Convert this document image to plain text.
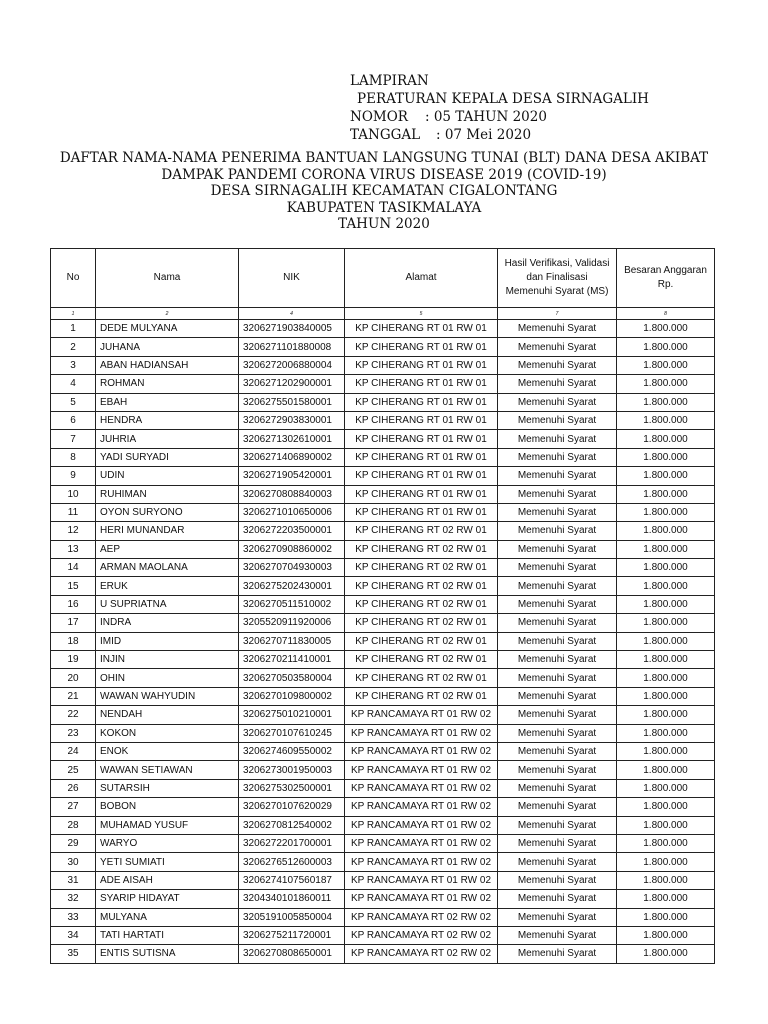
LAMPIRAN
PERATURAN KEPALA DESA SIRNAGALIH
NOMOR : 05 TAHUN 2020
TANGGAL : 07 Mei 2020
DAFTAR NAMA-NAMA PENERIMA BANTUAN LANGSUNG TUNAI (BLT) DANA DESA AKIBAT
DAMPAK PANDEMI CORONA VIRUS DISEASE 2019 (COVID-19)
DESA SIRNAGALIH KECAMATAN CIGALONTANG
KABUPATEN TASIKMALAYA
TAHUN 2020
No	Nama	NIK	Alamat	Hasil Verifikasi, Validasi dan Finalisasi Memenuhi Syarat (MS)	Besaran Anggaran Rp.
1	2	4	5	7	8
1	DEDE MULYANA	3206271903840005	KP CIHERANG RT 01 RW 01	Memenuhi Syarat	1.800.000
2	JUHANA	3206271101880008	KP CIHERANG RT 01 RW 01	Memenuhi Syarat	1.800.000
3	ABAN HADIANSAH	3206272006880004	KP CIHERANG RT 01 RW 01	Memenuhi Syarat	1.800.000
4	ROHMAN	3206271202900001	KP CIHERANG RT 01 RW 01	Memenuhi Syarat	1.800.000
5	EBAH	3206275501580001	KP CIHERANG RT 01 RW 01	Memenuhi Syarat	1.800.000
6	HENDRA	3206272903830001	KP CIHERANG RT 01 RW 01	Memenuhi Syarat	1.800.000
7	JUHRIA	3206271302610001	KP CIHERANG RT 01 RW 01	Memenuhi Syarat	1.800.000
8	YADI SURYADI	3206271406890002	KP CIHERANG RT 01 RW 01	Memenuhi Syarat	1.800.000
9	UDIN	3206271905420001	KP CIHERANG RT 01 RW 01	Memenuhi Syarat	1.800.000
10	RUHIMAN	3206270808840003	KP CIHERANG RT 01 RW 01	Memenuhi Syarat	1.800.000
11	OYON SURYONO	3206271010650006	KP CIHERANG RT 01 RW 01	Memenuhi Syarat	1.800.000
12	HERI MUNANDAR	3206272203500001	KP CIHERANG RT 02 RW 01	Memenuhi Syarat	1.800.000
13	AEP	3206270908860002	KP CIHERANG RT 02 RW 01	Memenuhi Syarat	1.800.000
14	ARMAN MAOLANA	3206270704930003	KP CIHERANG RT 02 RW 01	Memenuhi Syarat	1.800.000
15	ERUK	3206275202430001	KP CIHERANG RT 02 RW 01	Memenuhi Syarat	1.800.000
16	U SUPRIATNA	3206270511510002	KP CIHERANG RT 02 RW 01	Memenuhi Syarat	1.800.000
17	INDRA	3205520911920006	KP CIHERANG RT 02 RW 01	Memenuhi Syarat	1.800.000
18	IMID	3206270711830005	KP CIHERANG RT 02 RW 01	Memenuhi Syarat	1.800.000
19	INJIN	3206270211410001	KP CIHERANG RT 02 RW 01	Memenuhi Syarat	1.800.000
20	OHIN	3206270503580004	KP CIHERANG RT 02 RW 01	Memenuhi Syarat	1.800.000
21	WAWAN WAHYUDIN	3206270109800002	KP CIHERANG RT 02 RW 01	Memenuhi Syarat	1.800.000
22	NENDAH	3206275010210001	KP RANCAMAYA RT 01 RW 02	Memenuhi Syarat	1.800.000
23	KOKON	3206270107610245	KP RANCAMAYA RT 01 RW 02	Memenuhi Syarat	1.800.000
24	ENOK	3206274609550002	KP RANCAMAYA RT 01 RW 02	Memenuhi Syarat	1.800.000
25	WAWAN SETIAWAN	3206273001950003	KP RANCAMAYA RT 01 RW 02	Memenuhi Syarat	1.800.000
26	SUTARSIH	3206275302500001	KP RANCAMAYA RT 01 RW 02	Memenuhi Syarat	1.800.000
27	BOBON	3206270107620029	KP RANCAMAYA RT 01 RW 02	Memenuhi Syarat	1.800.000
28	MUHAMAD YUSUF	3206270812540002	KP RANCAMAYA RT 01 RW 02	Memenuhi Syarat	1.800.000
29	WARYO	3206272201700001	KP RANCAMAYA RT 01 RW 02	Memenuhi Syarat	1.800.000
30	YETI SUMIATI	3206276512600003	KP RANCAMAYA RT 01 RW 02	Memenuhi Syarat	1.800.000
31	ADE AISAH	3206274107560187	KP RANCAMAYA RT 01 RW 02	Memenuhi Syarat	1.800.000
32	SYARIP HIDAYAT	3204340101860011	KP RANCAMAYA RT 01 RW 02	Memenuhi Syarat	1.800.000
33	MULYANA	3205191005850004	KP RANCAMAYA RT 02 RW 02	Memenuhi Syarat	1.800.000
34	TATI HARTATI	3206275211720001	KP RANCAMAYA RT 02 RW 02	Memenuhi Syarat	1.800.000
35	ENTIS SUTISNA	3206270808650001	KP RANCAMAYA RT 02 RW 02	Memenuhi Syarat	1.800.000
